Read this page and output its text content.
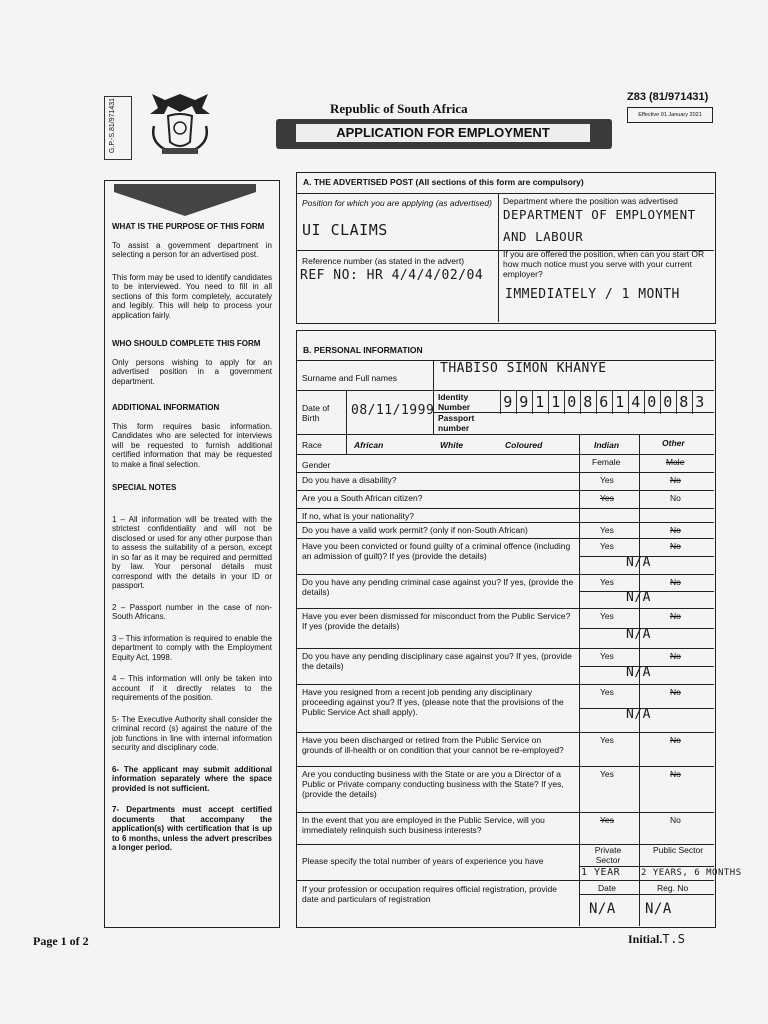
G.P.-S.81/971431	Republic of South Africa
Z83 (81/971431)
Effective 01 January 2021
APPLICATION FOR EMPLOYMENT

WHAT IS THE PURPOSE OF THIS FORM

To assist a government department in selecting a person for an advertised post.

This form may be used to identify candidates to be interviewed. You need to fill in all sections of this form completely, accurately and legibly. This will help to process your application fairly.

WHO SHOULD COMPLETE THIS FORM

Only persons wishing to apply for an advertised position in a government department.

ADDITIONAL INFORMATION

This form requires basic information. Candidates who are selected for interviews will be requested to furnish additional certified information that may be requested to make a final selection.

SPECIAL NOTES

1 – All information will be treated with the strictest confidentiality and will not be disclosed or used for any other purpose than to assess the suitability of a person, except in so far as it may be required and permitted by law. Your personal details must correspond with the details in your ID or passport.

2 – Passport number in the case of non-South Africans.

3 – This information is required to enable the department to comply with the Employment Equity Act, 1998.

4 – This information will only be taken into account if it directly relates to the requirements of the position.

5- The Executive Authority shall consider the criminal record (s) against the nature of the job functions in line with internal information security and disciplinary code.

6- The applicant may submit additional information separately where the space provided is not sufficient.

7- Departments must accept certified documents that accompany the application(s) with certification that is up to 6 months, unless the advert prescribes a longer period.

A. THE ADVERTISED POST (All sections of this form are compulsory)
Position for which you are applying (as advertised)
UI CLAIMS
Department where the position was advertised
DEPARTMENT OF EMPLOYMENT AND LABOUR
Reference number (as stated in the advert)
REF NO: HR 4/4/4/02/04
If you are offered the position, when can you start OR how much notice must you serve with your current employer?
IMMEDIATELY / 1 MONTH
B. PERSONAL INFORMATION
Surname and Full names
THABISO SIMON KHANYE
Date of Birth	08/11/1999
Identity Number
Passport number
9 9 1 1 0 8 6 1 4 0 0 8 3
Race	African	White	Coloured	Indian	Other
Gender	Female	Male
Do you have a disability?	Yes	No
Are you a South African citizen?	Yes	No
If no, what is your nationality?
Do you have a valid work permit? (only if non-South African)	Yes	No
Have you been convicted or found guilty of a criminal offence (including an admission of guilt)? If yes (provide the details)
Yes	No
N/A
Do you have any pending criminal case against you? If yes, (provide the details)
Yes	No
N/A
Have you ever been dismissed for misconduct from the Public Service? If yes (provide the details)
Yes	No
N/A
Do you have any pending disciplinary case against you? If yes, (provide the details)
Yes	No
N/A
Have you resigned from a recent job pending any disciplinary proceeding against you? If yes, (please note that the provisions of the Public Service Act shall apply).
Yes	No
N/A
Have you been discharged or retired from the Public Service on grounds of ill-health or on condition that your cannot be re-employed?
Yes	No
Are you conducting business with the State or are you a Director of a Public or Private company conducting business with the State? If yes, (provide the details)
Yes	No
In the event that you are employed in the Public Service, will you immediately relinquish such business interests?
Yes	No
Please specify the total number of years of experience you have
Private Sector
Public Sector
1 YEAR 2 YEARS, 6 MONTHS
If your profession or occupation requires official registration, provide date and particulars of registration
Date	Reg. No
N/A N/A
Page 1 of 2	Initial.T.S
